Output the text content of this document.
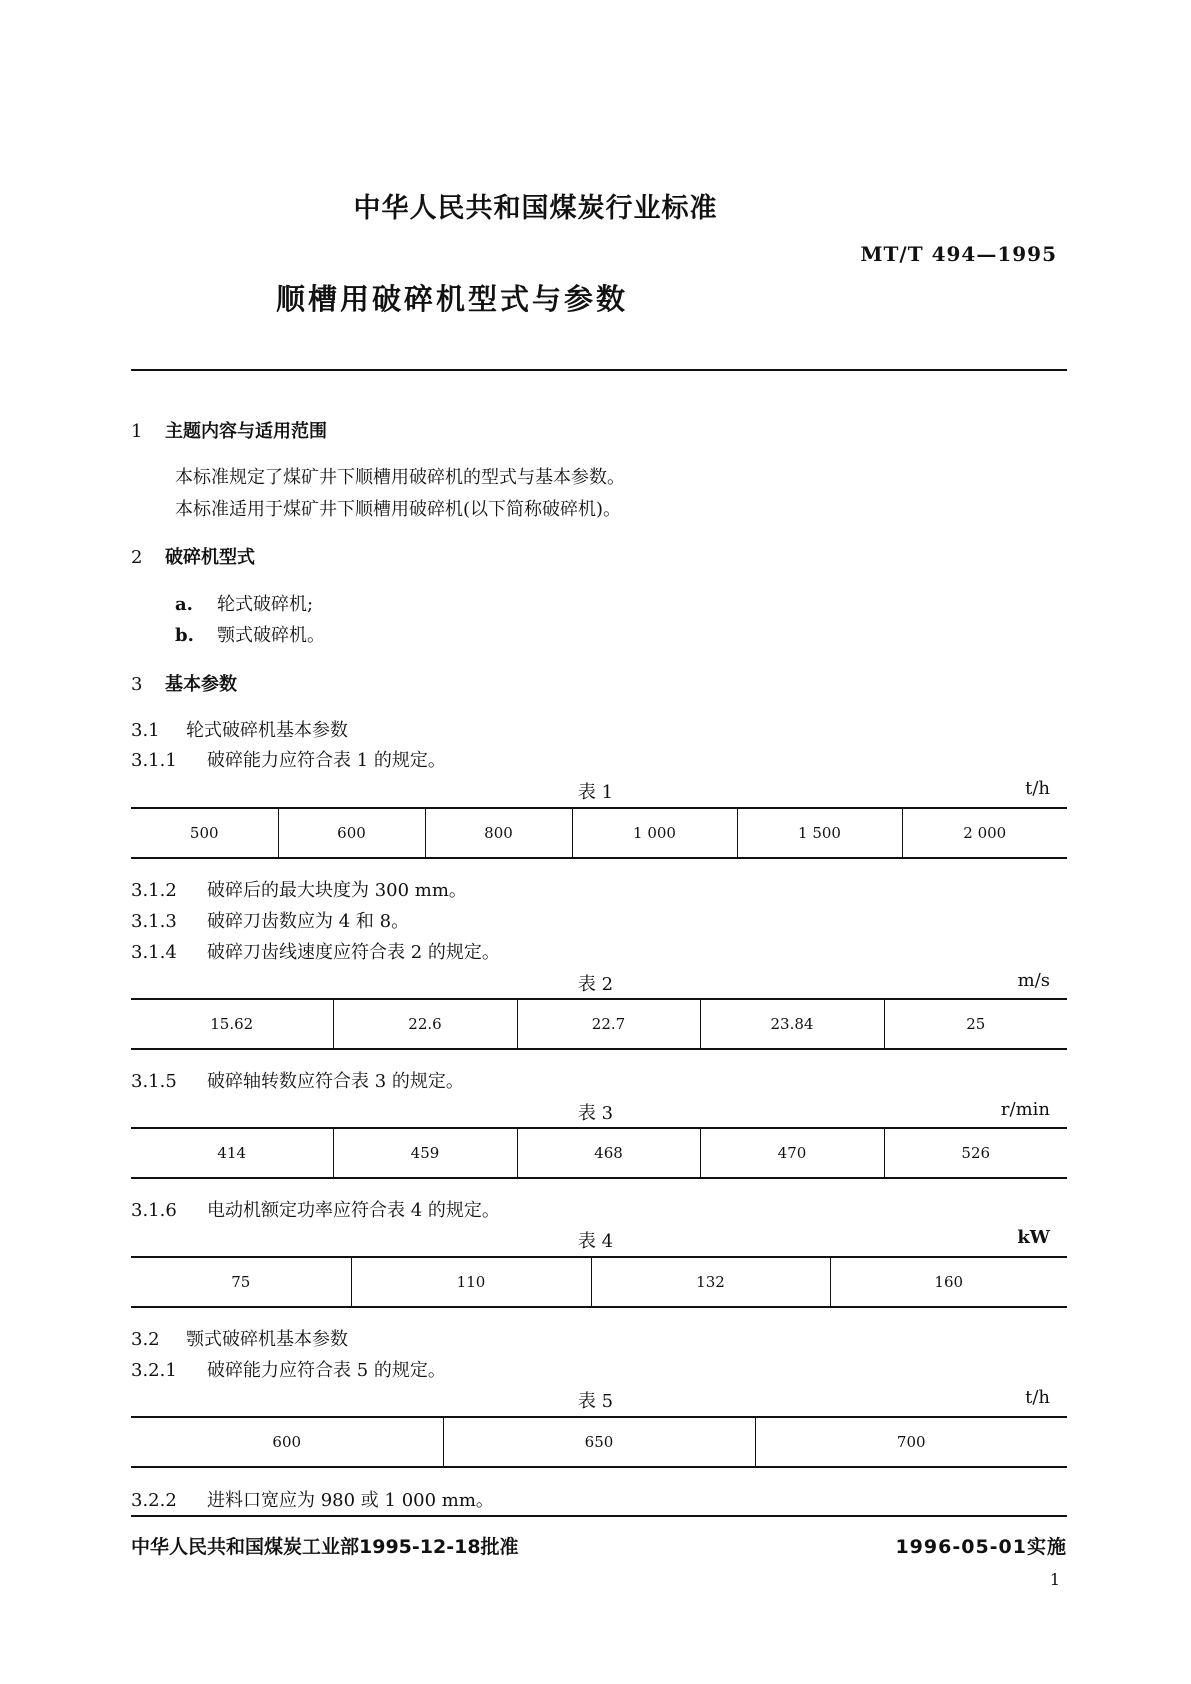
中华人民共和国煤炭行业标准
MT/T 494—1995
顺槽用破碎机型式与参数
1 主题内容与适用范围
本标准规定了煤矿井下顺槽用破碎机的型式与基本参数。
本标准适用于煤矿井下顺槽用破碎机(以下简称破碎机)。
2 破碎机型式
a. 轮式破碎机;
b. 颚式破碎机。
3 基本参数
3.1 轮式破碎机基本参数
3.1.1 破碎能力应符合表 1 的规定。
表 1	t/h
500	600	800	1 000	1 500	2 000
3.1.2 破碎后的最大块度为 300 mm。
3.1.3 破碎刀齿数应为 4 和 8。
3.1.4 破碎刀齿线速度应符合表 2 的规定。
表 2	m/s
15.62	22.6	22.7	23.84	25
3.1.5 破碎轴转数应符合表 3 的规定。
表 3	r/min
414	459	468	470	526
3.1.6 电动机额定功率应符合表 4 的规定。
表 4	kW
75	110	132	160
3.2 颚式破碎机基本参数
3.2.1 破碎能力应符合表 5 的规定。
表 5	t/h
600	650	700
3.2.2 进料口宽应为 980 或 1 000 mm。
中华人民共和国煤炭工业部1995-12-18批准	1996-05-01实施
1
